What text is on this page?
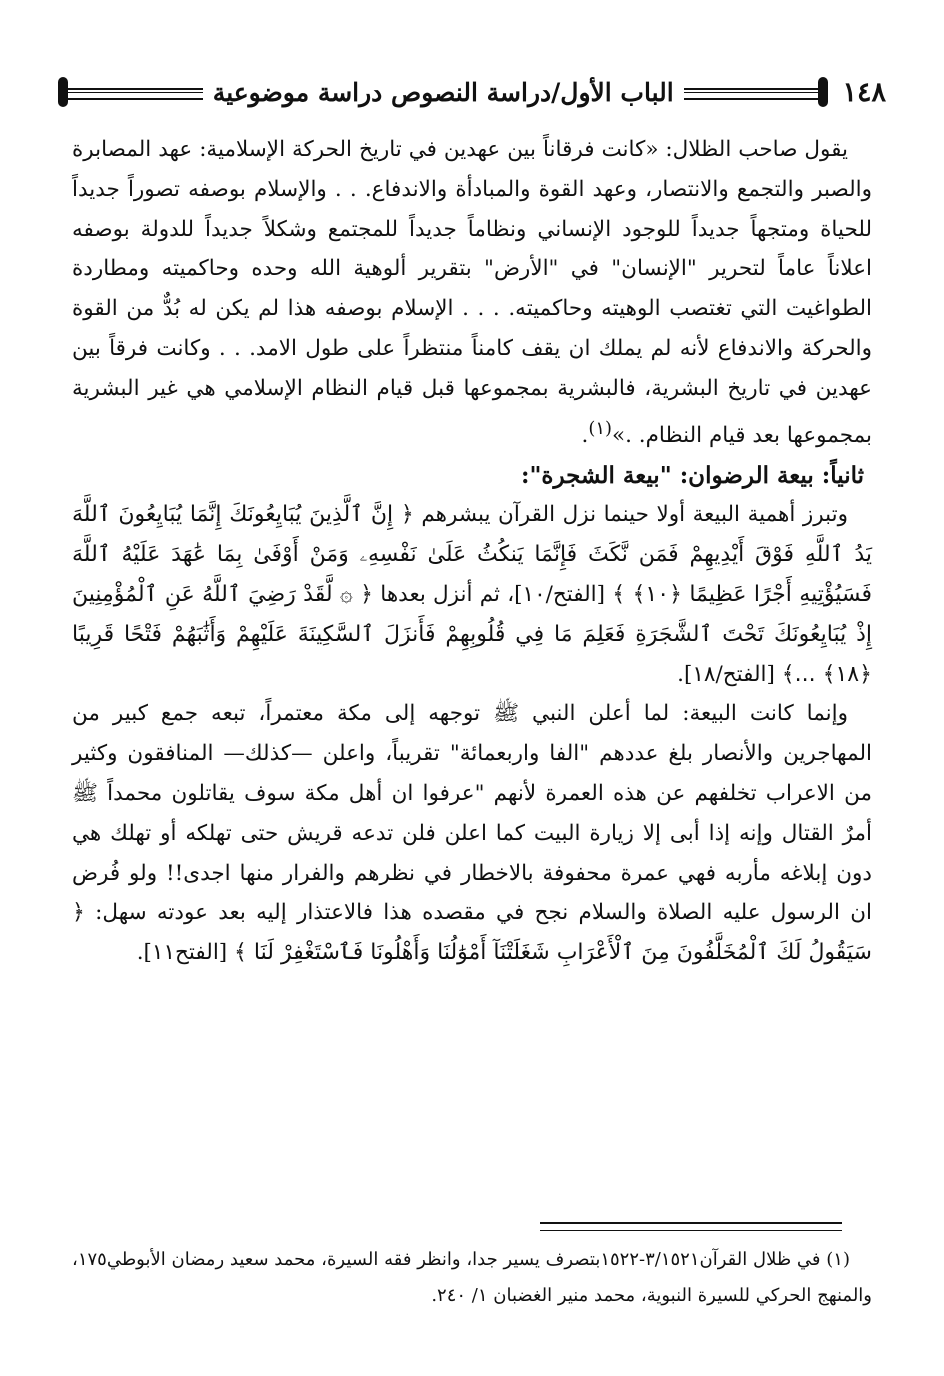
١٤٨
الباب الأول/دراسة النصوص دراسة موضوعية

يقول صاحب الظلال: «كانت فرقاناً بين عهدين في تاريخ الحركة الإسلامية: عهد المصابرة والصبر والتجمع والانتصار، وعهد القوة والمبادأة والاندفاع. . . والإسلام بوصفه تصوراً جديداً للحياة ومتجهاً جديداً للوجود الإنساني ونظاماً جديداً للمجتمع وشكلاً جديداً للدولة بوصفه اعلاناً عاماً لتحرير "الإنسان" في "الأرض" بتقرير ألوهية الله وحده وحاكميته ومطاردة الطواغيت التي تغتصب الوهيته وحاكميته. . . . الإسلام بوصفه هذا لم يكن له بُدٌّ من القوة والحركة والاندفاع لأنه لم يملك ان يقف كامناً منتظراً على طول الامد. . . وكانت فرقاً بين عهدين في تاريخ البشرية، فالبشرية بمجموعها قبل قيام النظام الإسلامي هي غير البشرية بمجموعها بعد قيام النظام. .»$^{(١)}$.

ثانياً: بيعة الرضوان: "بيعة الشجرة":

وتبرز أهمية البيعة أولا حينما نزل القرآن يبشرهم ﴿ إِنَّ ٱلَّذِينَ يُبَايِعُونَكَ إِنَّمَا يُبَايِعُونَ ٱللَّهَ يَدُ ٱللَّهِ فَوْقَ أَيْدِيهِمْ فَمَن نَّكَثَ فَإِنَّمَا يَنكُثُ عَلَىٰ نَفْسِهِۦ وَمَنْ أَوْفَىٰ بِمَا عَٰهَدَ عَلَيْهُ ٱللَّهَ فَسَيُؤْتِيهِ أَجْرًا عَظِيمًا ﴿١٠﴾ ﴾ [الفتح/١٠]، ثم أنزل بعدها ﴿ ۞ لَّقَدْ رَضِيَ ٱللَّهُ عَنِ ٱلْمُؤْمِنِينَ إِذْ يُبَايِعُونَكَ تَحْتَ ٱلشَّجَرَةِ فَعَلِمَ مَا فِي قُلُوبِهِمْ فَأَنزَلَ ٱلسَّكِينَةَ عَلَيْهِمْ وَأَثَٰبَهُمْ فَتْحًا قَرِيبًا ﴿١٨﴾ ...﴾ [الفتح/١٨].

وإنما كانت البيعة: لما أعلن النبي ﷺ توجهه إلى مكة معتمراً، تبعه جمع كبير من المهاجرين والأنصار بلغ عددهم "الفا واربعمائة" تقريباً، واعلن —كذلك— المنافقون وكثير من الاعراب تخلفهم عن هذه العمرة لأنهم "عرفوا ان أهل مكة سوف يقاتلون محمداً ﷺ أمرٌ القتال وإنه إذا أبى إلا زيارة البيت كما اعلن فلن تدعه قريش حتى تهلكه أو تهلك هي دون إبلاغه مأربه فهي عمرة محفوفة بالاخطار في نظرهم والفرار منها اجدى!! ولو فُرض ان الرسول عليه الصلاة والسلام نجح في مقصده هذا فالاعتذار إليه بعد عودته سهل: ﴿ سَيَقُولُ لَكَ ٱلْمُخَلَّفُونَ مِنَ ٱلْأَعْرَابِ شَغَلَتْنَآ أَمْوَٰلُنَا وَأَهْلُونَا فَٱسْتَغْفِرْ لَنَا ﴾ [الفتح١١].

(١) في ظلال القرآن٣/١٥٢١-١٥٢٢بتصرف يسير جدا، وانظر فقه السيرة، محمد سعيد رمضان الأبوطي١٧٥، والمنهج الحركي للسيرة النبوية، محمد منير الغضبان ١/ ٢٤٠.
